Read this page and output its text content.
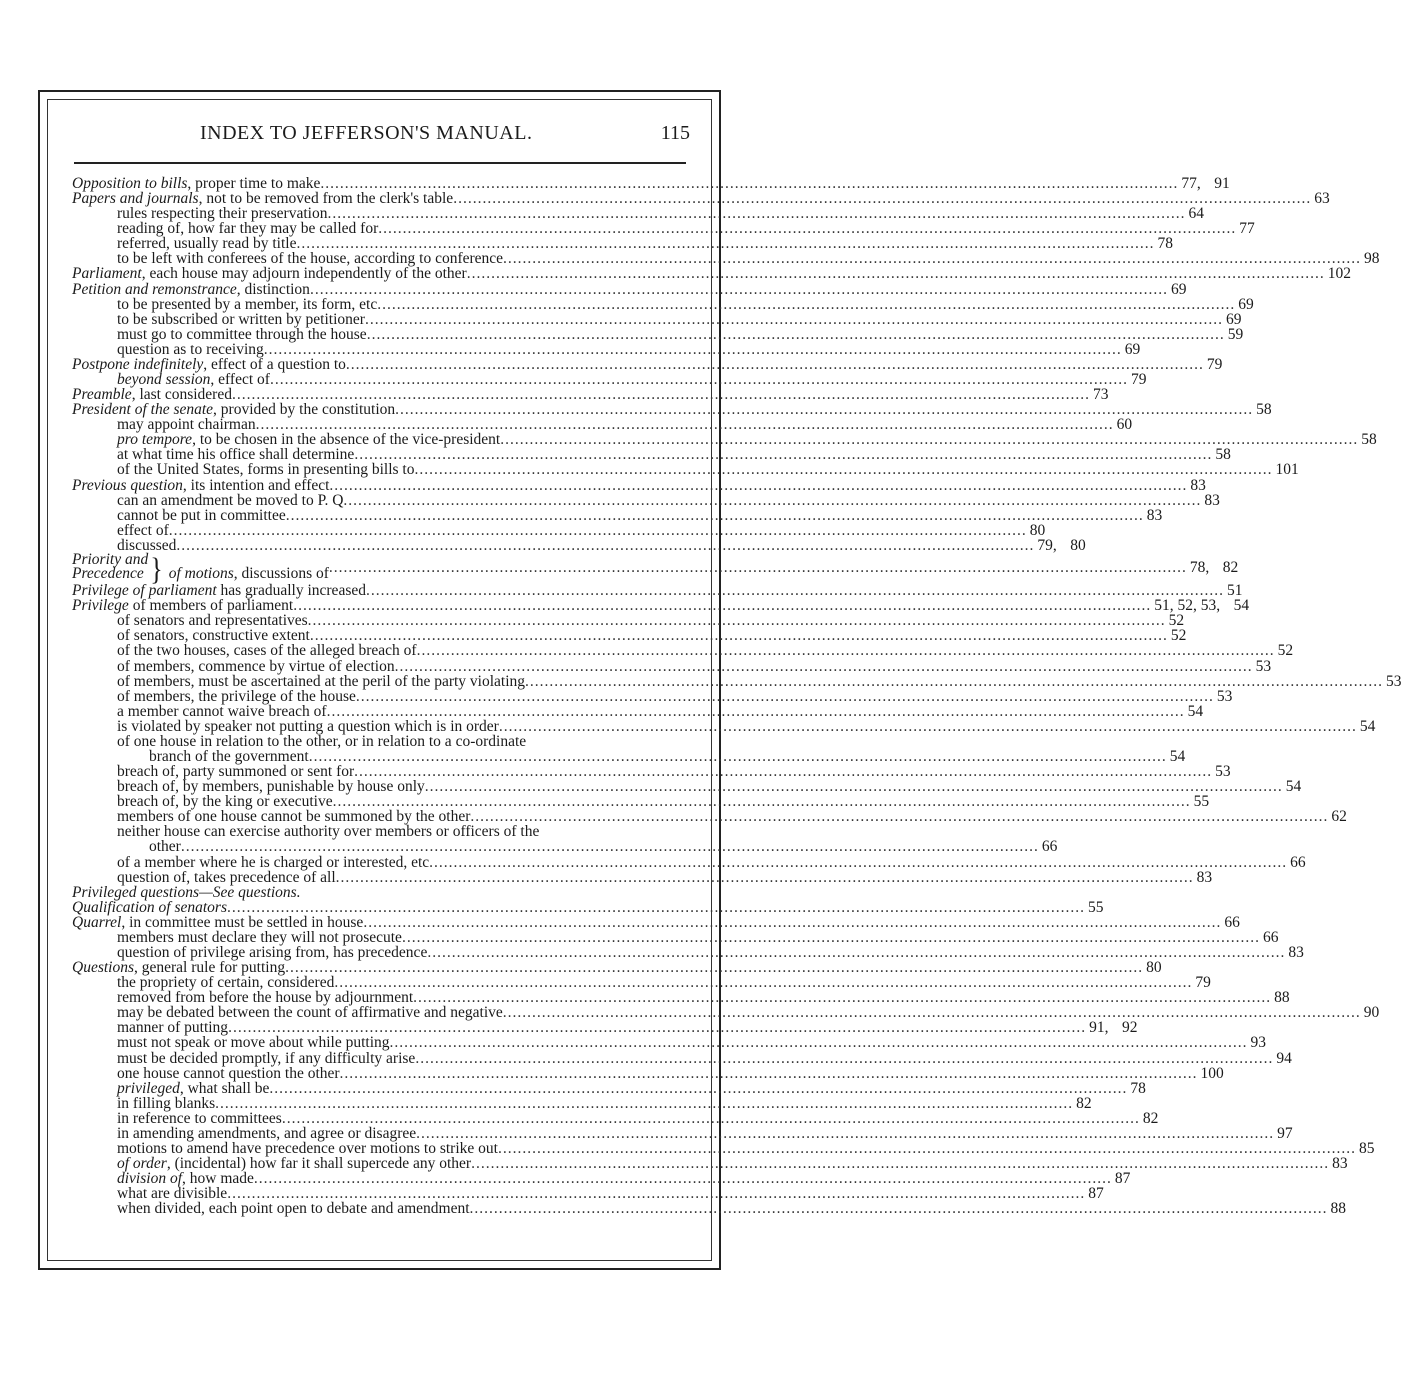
INDEX TO JEFFERSON'S MANUAL.	115
Opposition to bills, proper time to make .....	77, 91
Papers and journals, not to be removed from the clerk's table .....	63
rules respecting their preservation .....	64
reading of, how far they may be called for .....	77
referred, usually read by title .....	78
to be left with conferees of the house, according to conference .....	98
Parliament, each house may adjourn independently of the other .....	102
Petition and remonstrance, distinction .....	69
to be presented by a member, its form, etc .....	69
to be subscribed or written by petitioner .....	69
must go to committee through the house .....	59
question as to receiving .....	69
Postpone indefinitely, effect of a question to .....	79
beyond session, effect of .....	79
Preamble, last considered .....	73
President of the senate, provided by the constitution .....	58
may appoint chairman .....	60
pro tempore, to be chosen in the absence of the vice-president .....	58
at what time his office shall determine .....	58
of the United States, forms in presenting bills to .....	101
Previous question, its intention and effect .....	83
can an amendment be moved to P. Q .....	83
cannot be put in committee .....	83
effect of .....	80
discussed .....	79, 80
Priority and
Precedence } of motions, discussions of .....	78, 82
Privilege of parliament has gradually increased .....	51
Privilege of members of parliament .....	51, 52, 53, 54
of senators and representatives .....	52
of senators, constructive extent .....	52
of the two houses, cases of the alleged breach of .....	52
of members, commence by virtue of election .....	53
of members, must be ascertained at the peril of the party violating .....	53
of members, the privilege of the house .....	53
a member cannot waive breach of .....	54
is violated by speaker not putting a question which is in order .....	54
of one house in relation to the other, or in relation to a co-ordinate
branch of the government .....	54
breach of, party summoned or sent for .....	53
breach of, by members, punishable by house only .....	54
breach of, by the king or executive .....	55
members of one house cannot be summoned by the other .....	62
neither house can exercise authority over members or officers of the
other .....	66
of a member where he is charged or interested, etc .....	66
question of, takes precedence of all .....	83
Privileged questions—See questions.
Qualification of senators .....	55
Quarrel, in committee must be settled in house .....	66
members must declare they will not prosecute .....	66
question of privilege arising from, has precedence .....	83
Questions, general rule for putting .....	80
the propriety of certain, considered .....	79
removed from before the house by adjournment .....	88
may be debated between the count of affirmative and negative .....	90
manner of putting .....	91, 92
must not speak or move about while putting .....	93
must be decided promptly, if any difficulty arise .....	94
one house cannot question the other .....	100
privileged, what shall be .....	78
in filling blanks .....	82
in reference to committees .....	82
in amending amendments, and agree or disagree .....	97
motions to amend have precedence over motions to strike out .....	85
of order, (incidental) how far it shall supercede any other .....	83
division of, how made .....	87
what are divisible .....	87
when divided, each point open to debate and amendment .....	88
